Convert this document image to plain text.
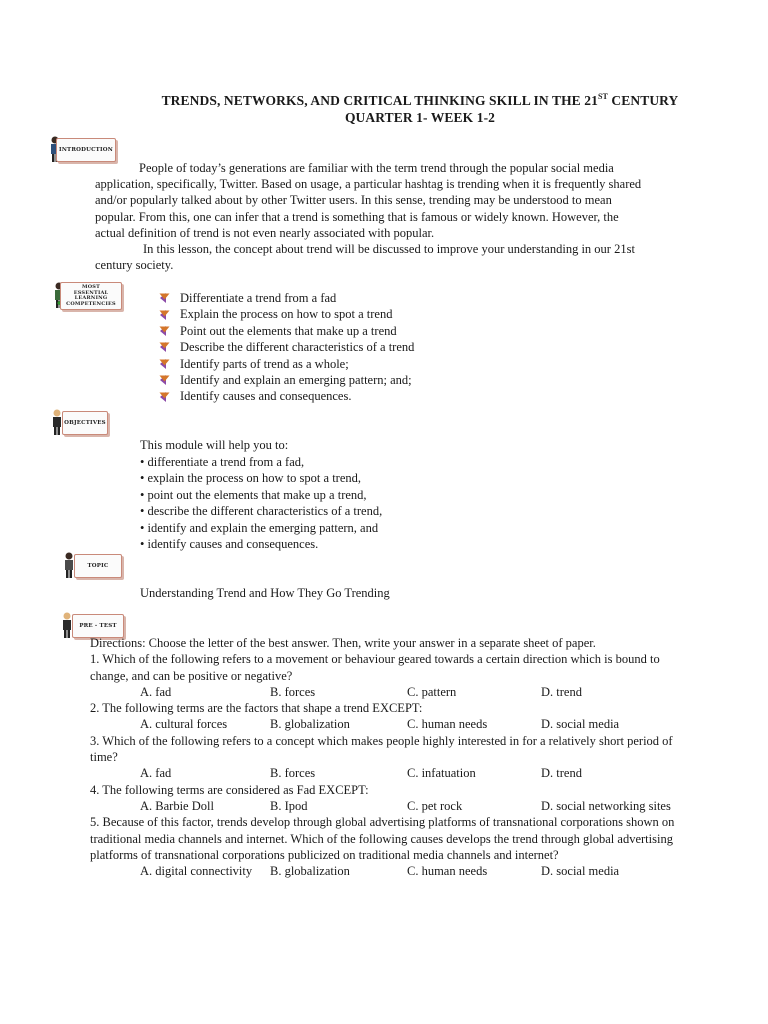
TRENDS, NETWORKS, AND CRITICAL THINKING SKILL IN THE 21ST CENTURY
QUARTER 1- WEEK 1-2
INTRODUCTION
People of today’s generations are familiar with the term trend through the popular social media
application, specifically, Twitter. Based on usage, a particular hashtag is trending when it is frequently shared
and/or popularly talked about by other Twitter users. In this sense, trending may be understood to mean
popular. From this, one can infer that a trend is something that is famous or widely known. However, the
actual definition of trend is not even nearly associated with popular.
In this lesson, the concept about trend will be discussed to improve your understanding in our 21st
century society.
MOST
ESSENTIAL
LEARNING
COMPETENCIES	Differentiate a trend from a fad
Explain the process on how to spot a trend
Point out the elements that make up a trend
Describe the different characteristics of a trend
Identify parts of trend as a whole;
Identify and explain an emerging pattern; and;
Identify causes and consequences.
OBJECTIVES
This module will help you to:
• differentiate a trend from a fad,
• explain the process on how to spot a trend,
• point out the elements that make up a trend,
• describe the different characteristics of a trend,
• identify and explain the emerging pattern, and
• identify causes and consequences.
TOPIC
Understanding Trend and How They Go Trending
PRE - TEST
Directions: Choose the letter of the best answer. Then, write your answer in a separate sheet of paper.
1. Which of the following refers to a movement or behaviour geared towards a certain direction which is bound to
change, and can be positive or negative?
A. fad	B. forces	C. pattern	D. trend
2. The following terms are the factors that shape a trend EXCEPT:
A. cultural forces	B. globalization	C. human needs	D. social media
3. Which of the following refers to a concept which makes people highly interested in for a relatively short period of
time?
A. fad	B. forces	C. infatuation	D. trend
4. The following terms are considered as Fad EXCEPT:
A. Barbie Doll	B. Ipod	C. pet rock	D. social networking sites
5. Because of this factor, trends develop through global advertising platforms of transnational corporations shown on
traditional media channels and internet. Which of the following causes develops the trend through global advertising
platforms of transnational corporations publicized on traditional media channels and internet?
A. digital connectivity B. globalization	C. human needs	D. social media
